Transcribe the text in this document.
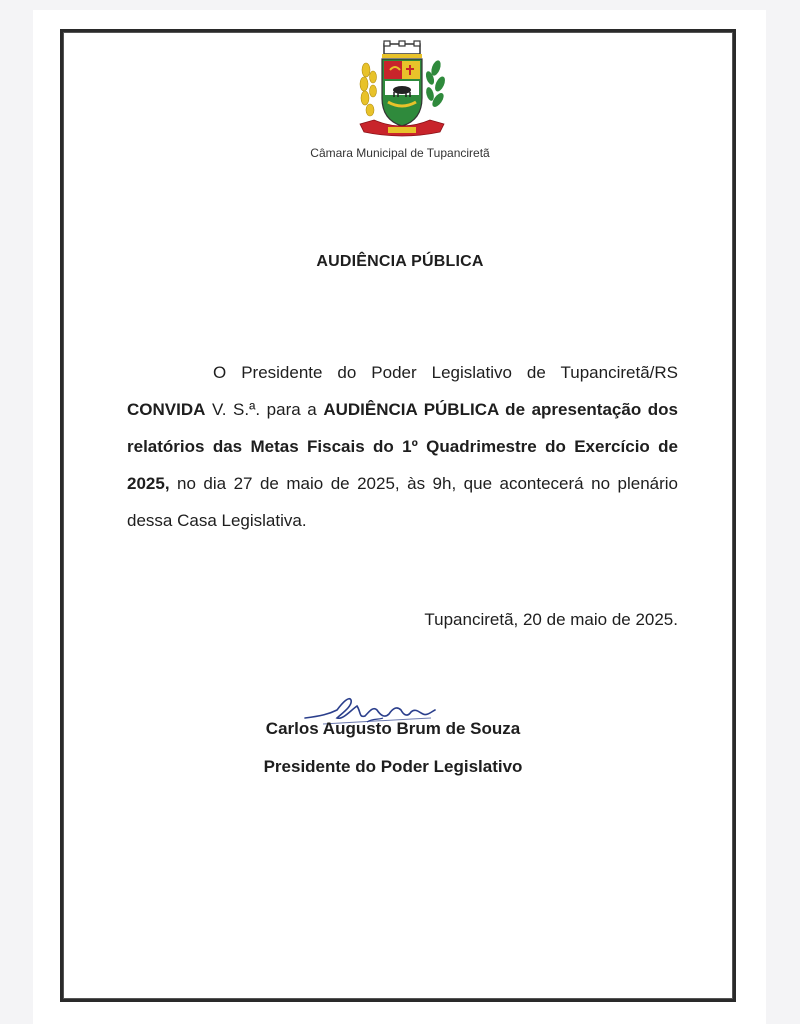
Câmara Municipal de Tupanciretã
AUDIÊNCIA PÚBLICA
O Presidente do Poder Legislativo de Tupanciretã/RS CONVIDA V. S.ª. para a AUDIÊNCIA PÚBLICA de apresentação dos relatórios das Metas Fiscais do 1º Quadrimestre do Exercício de 2025, no dia 27 de maio de 2025, às 9h, que acontecerá no plenário dessa Casa Legislativa.
Tupanciretã, 20 de maio de 2025.
Carlos Augusto Brum de Souza
Presidente do Poder Legislativo
